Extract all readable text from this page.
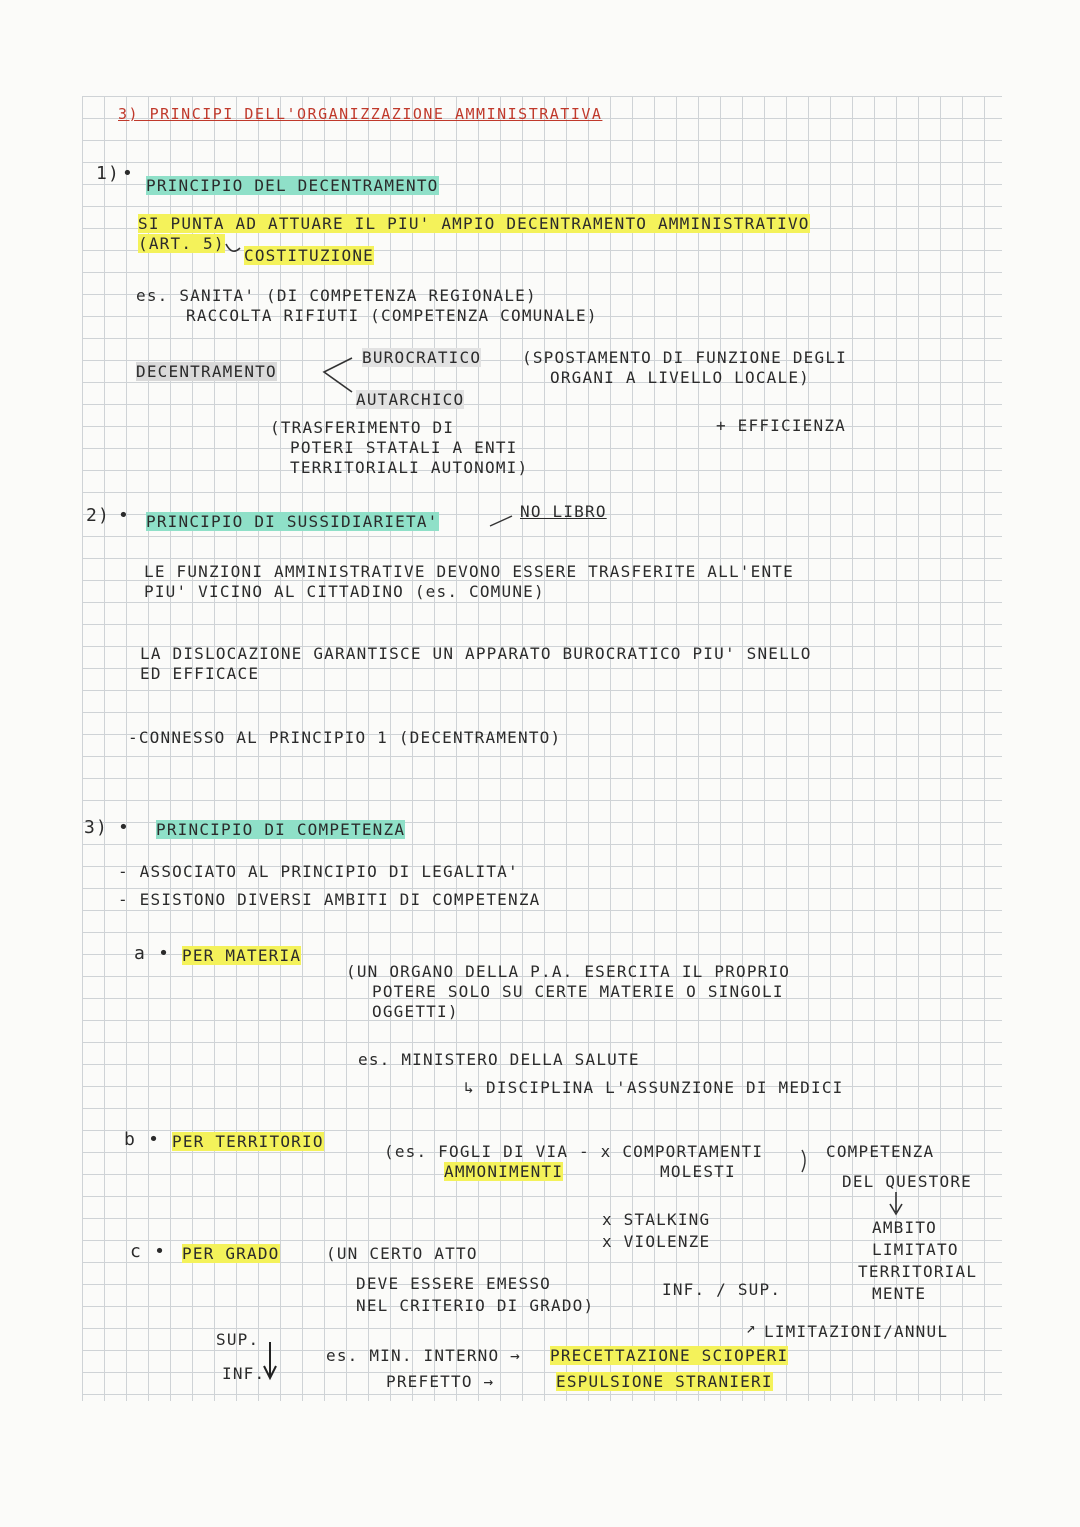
3) PRINCIPI DELL'ORGANIZZAZIONE AMMINISTRATIVA
1) •
PRINCIPIO DEL DECENTRAMENTO
SI PUNTA AD ATTUARE IL PIU' AMPIO DECENTRAMENTO AMMINISTRATIVO
(ART. 5)
COSTITUZIONE
es. SANITA' (DI COMPETENZA REGIONALE)
RACCOLTA RIFIUTI (COMPETENZA COMUNALE)
DECENTRAMENTO
BUROCRATICO	(SPOSTAMENTO DI FUNZIONE DEGLI
ORGANI A LIVELLO LOCALE)
AUTARCHICO
(TRASFERIMENTO DI
POTERI STATALI A ENTI
TERRITORIALI AUTONOMI)
+ EFFICIENZA
2) • PRINCIPIO DI SUSSIDIARIETA'
NO LIBRO
LE FUNZIONI AMMINISTRATIVE DEVONO ESSERE TRASFERITE ALL'ENTE
PIU' VICINO AL CITTADINO (es. COMUNE)
LA DISLOCAZIONE GARANTISCE UN APPARATO BUROCRATICO PIU' SNELLO
ED EFFICACE
-CONNESSO AL PRINCIPIO 1 (DECENTRAMENTO)
3) • PRINCIPIO DI COMPETENZA
- ASSOCIATO AL PRINCIPIO DI LEGALITA'
- ESISTONO DIVERSI AMBITI DI COMPETENZA
a • PER MATERIA
(UN ORGANO DELLA P.A. ESERCITA IL PROPRIO
POTERE SOLO SU CERTE MATERIE O SINGOLI
OGGETTI)
es. MINISTERO DELLA SALUTE
↳ DISCIPLINA L'ASSUNZIONE DI MEDICI
b • PER TERRITORIO
(es. FOGLI DI VIA - x COMPORTAMENTI
AMMONIMENTI	MOLESTI
COMPETENZA
DEL QUESTORE
x STALKING
x VIOLENZE
AMBITO
LIMITATO
TERRITORIAL
MENTE
c • PER GRADO	(UN CERTO ATTO
DEVE ESSERE EMESSO
NEL CRITERIO DI GRADO)
INF. / SUP.
↗ LIMITAZIONI/ANNUL
SUP.
INF.
es. MIN. INTERNO → PRECETTAZIONE SCIOPERI
PREFETTO →	ESPULSIONE STRANIERI
